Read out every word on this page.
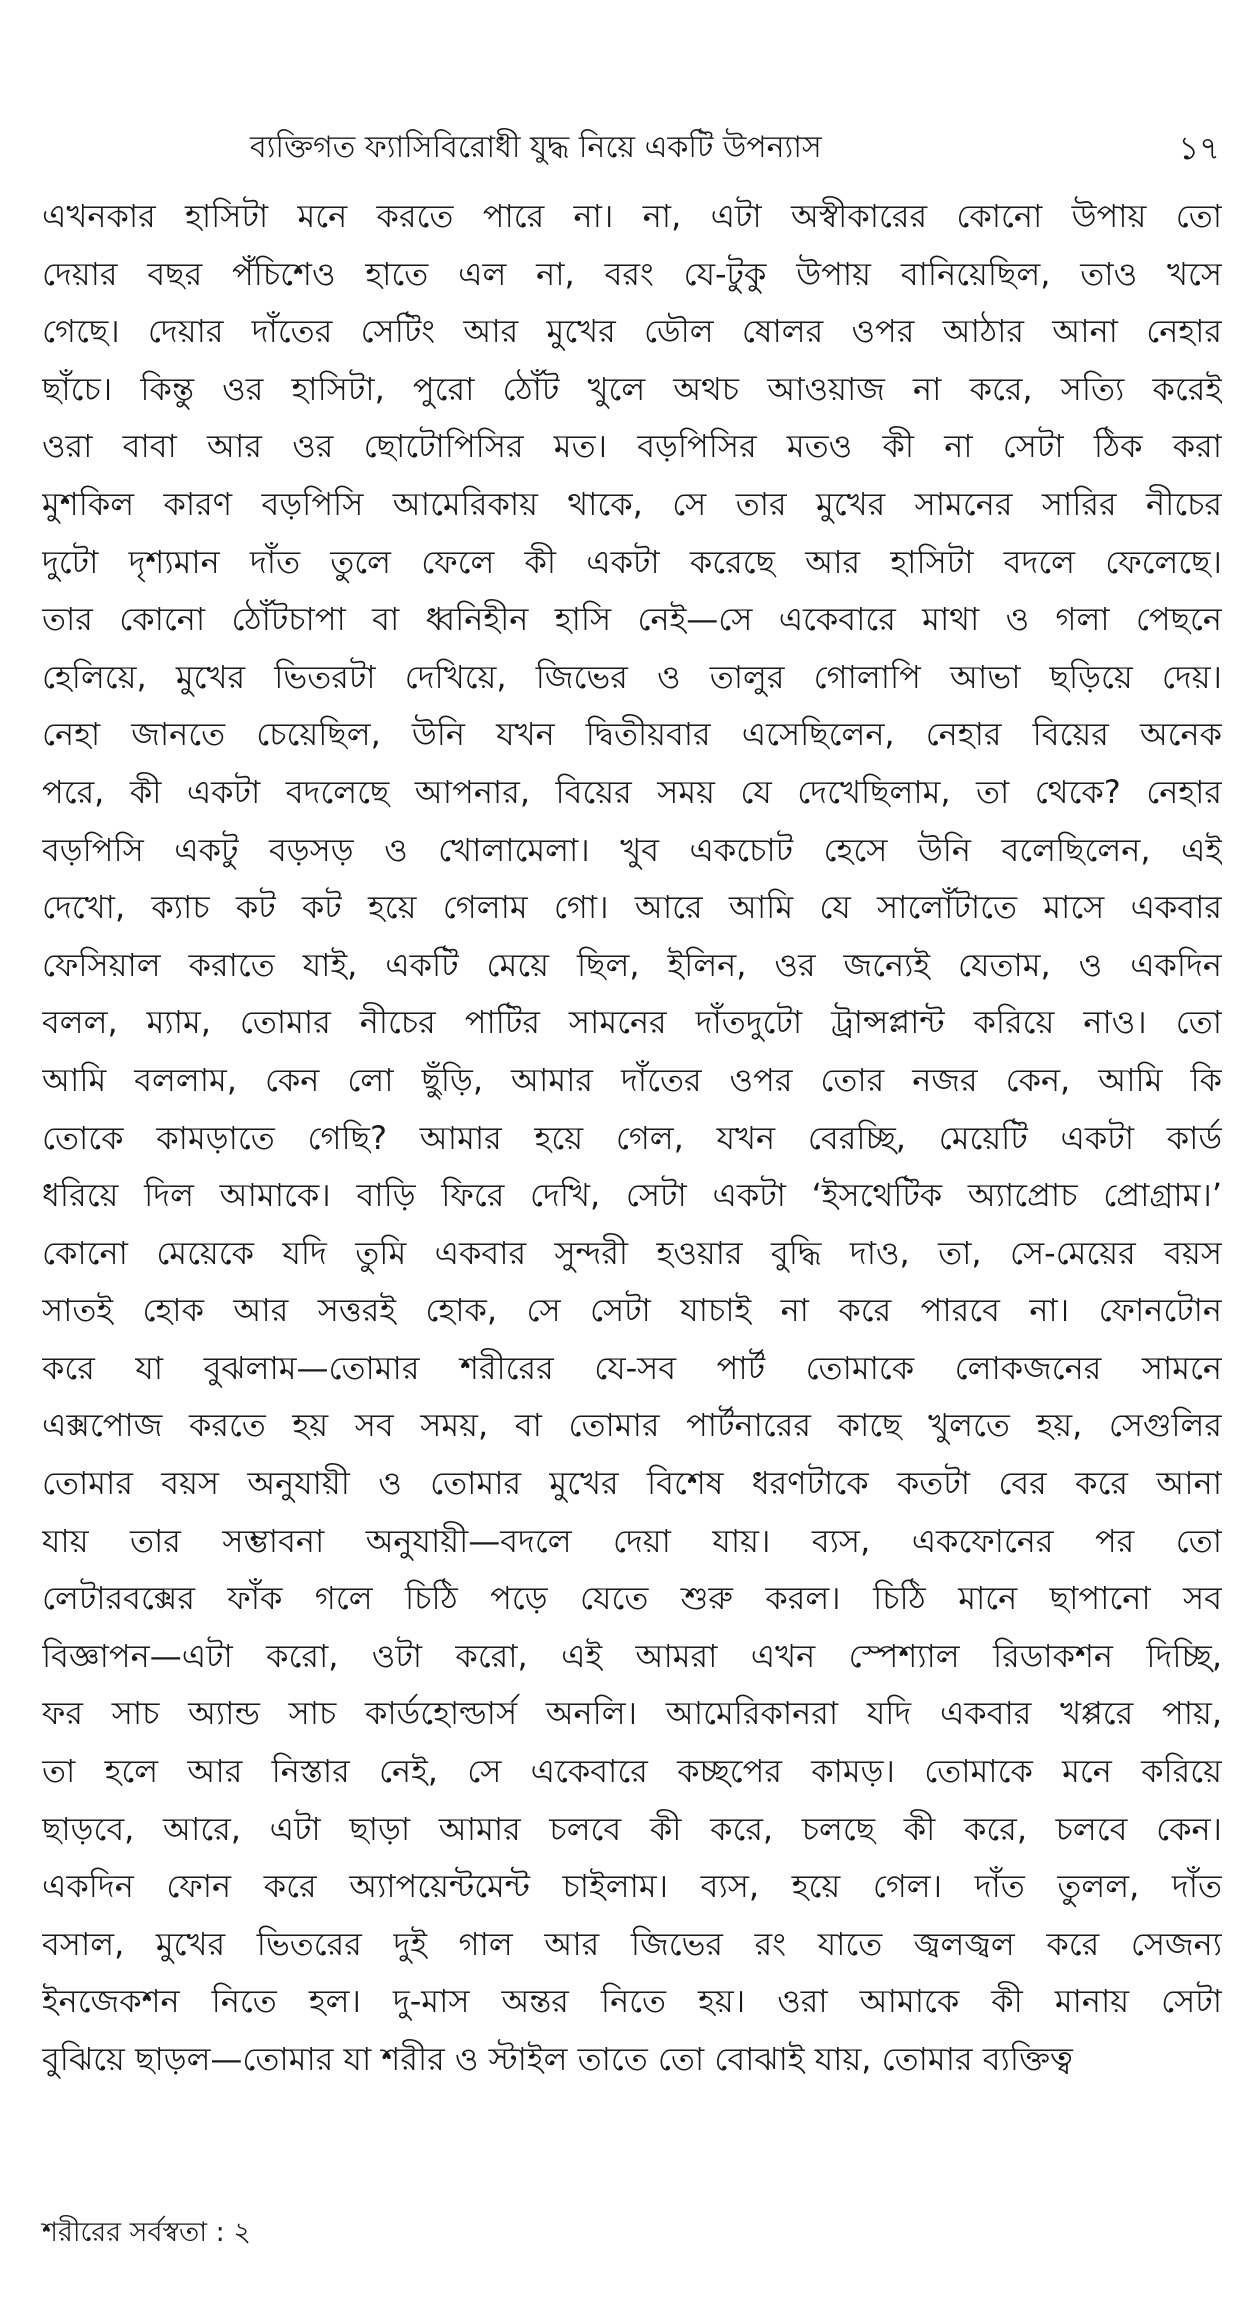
ব্যক্তিগত ফ্যাসিবিরোধী যুদ্ধ নিয়ে একটি উপন্যাস	১৭
এখনকার হাসিটা মনে করতে পারে না। না, এটা অস্বীকারের কোনো উপায় তো
দেয়ার বছর পঁচিশেও হাতে এল না, বরং যে-টুকু উপায় বানিয়েছিল, তাও খসে
গেছে। দেয়ার দাঁতের সেটিং আর মুখের ডৌল ষোলর ওপর আঠার আনা নেহার
ছাঁচে। কিন্তু ওর হাসিটা, পুরো ঠোঁট খুলে অথচ আওয়াজ না করে, সত্যি করেই
ওরা বাবা আর ওর ছোটোপিসির মত। বড়পিসির মতও কী না সেটা ঠিক করা
মুশকিল কারণ বড়পিসি আমেরিকায় থাকে, সে তার মুখের সামনের সারির নীচের
দুটো দৃশ্যমান দাঁত তুলে ফেলে কী একটা করেছে আর হাসিটা বদলে ফেলেছে।
তার কোনো ঠোঁটচাপা বা ধ্বনিহীন হাসি নেই—সে একেবারে মাথা ও গলা পেছনে
হেলিয়ে, মুখের ভিতরটা দেখিয়ে, জিভের ও তালুর গোলাপি আভা ছড়িয়ে দেয়।
নেহা জানতে চেয়েছিল, উনি যখন দ্বিতীয়বার এসেছিলেন, নেহার বিয়ের অনেক
পরে, কী একটা বদলেছে আপনার, বিয়ের সময় যে দেখেছিলাম, তা থেকে? নেহার
বড়পিসি একটু বড়সড় ও খোলামেলা। খুব একচোট হেসে উনি বলেছিলেন, এই
দেখো, ক্যাচ কট কট হয়ে গেলাম গো। আরে আমি যে সালোঁটাতে মাসে একবার
ফেসিয়াল করাতে যাই, একটি মেয়ে ছিল, ইলিন, ওর জন্যেই যেতাম, ও একদিন
বলল, ম্যাম, তোমার নীচের পাটির সামনের দাঁতদুটো ট্রান্সপ্লান্ট করিয়ে নাও। তো
আমি বললাম, কেন লো ছুঁড়ি, আমার দাঁতের ওপর তোর নজর কেন, আমি কি
তোকে কামড়াতে গেছি? আমার হয়ে গেল, যখন বেরচ্ছি, মেয়েটি একটা কার্ড
ধরিয়ে দিল আমাকে। বাড়ি ফিরে দেখি, সেটা একটা ‘ইসথেটিক অ্যাপ্রোচ প্রোগ্রাম।’
কোনো মেয়েকে যদি তুমি একবার সুন্দরী হওয়ার বুদ্ধি দাও, তা, সে-মেয়ের বয়স
সাতই হোক আর সত্তরই হোক, সে সেটা যাচাই না করে পারবে না। ফোনটোন
করে যা বুঝলাম—তোমার শরীরের যে-সব পার্ট তোমাকে লোকজনের সামনে
এক্সপোজ করতে হয় সব সময়, বা তোমার পার্টনারের কাছে খুলতে হয়, সেগুলির
তোমার বয়স অনুযায়ী ও তোমার মুখের বিশেষ ধরণটাকে কতটা বের করে আনা
যায় তার সম্ভাবনা অনুযায়ী—বদলে দেয়া যায়। ব্যস, একফোনের পর তো
লেটারবক্সের ফাঁক গলে চিঠি পড়ে যেতে শুরু করল। চিঠি মানে ছাপানো সব
বিজ্ঞাপন—এটা করো, ওটা করো, এই আমরা এখন স্পেশ্যাল রিডাকশন দিচ্ছি,
ফর সাচ অ্যান্ড সাচ কার্ডহোল্ডার্স অনলি। আমেরিকানরা যদি একবার খপ্পরে পায়,
তা হলে আর নিস্তার নেই, সে একেবারে কচ্ছপের কামড়। তোমাকে মনে করিয়ে
ছাড়বে, আরে, এটা ছাড়া আমার চলবে কী করে, চলছে কী করে, চলবে কেন।
একদিন ফোন করে অ্যাপয়েন্টমেন্ট চাইলাম। ব্যস, হয়ে গেল। দাঁত তুলল, দাঁত
বসাল, মুখের ভিতরের দুই গাল আর জিভের রং যাতে জ্বলজ্বল করে সেজন্য
ইনজেকশন নিতে হল। দু-মাস অন্তর নিতে হয়। ওরা আমাকে কী মানায় সেটা
বুঝিয়ে ছাড়ল—তোমার যা শরীর ও স্টাইল তাতে তো বোঝাই যায়, তোমার ব্যক্তিত্ব
শরীরের সর্বস্বতা : ২
